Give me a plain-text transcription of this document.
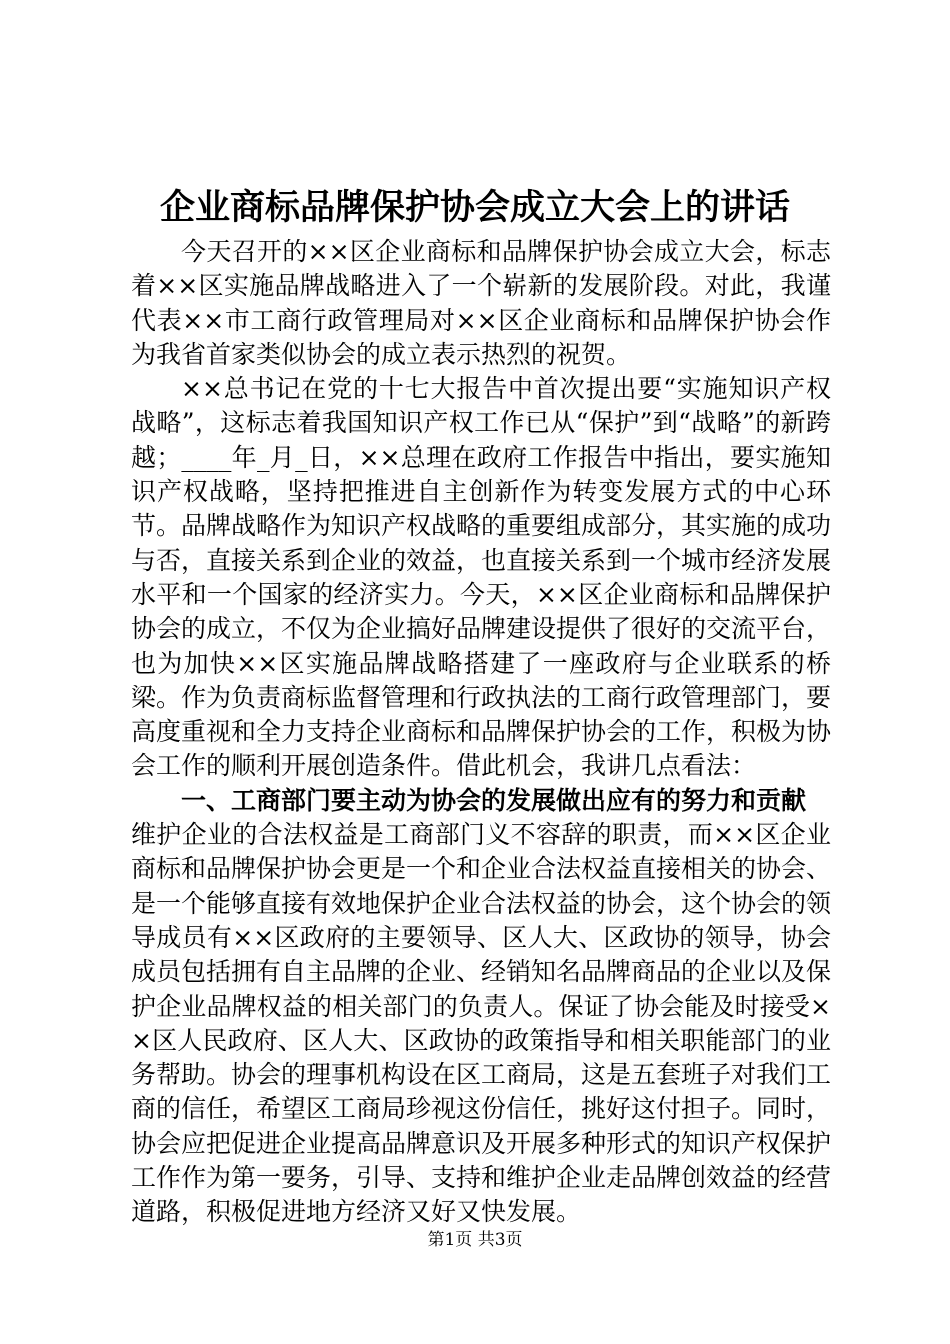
企业商标品牌保护协会成立大会上的讲话

今天召开的××区企业商标和品牌保护协会成立大会，标志着××区实施品牌战略进入了一个崭新的发展阶段。对此，我谨代表××市工商行政管理局对××区企业商标和品牌保护协会作为我省首家类似协会的成立表示热烈的祝贺。

××总书记在党的十七大报告中首次提出要“实施知识产权战略”，这标志着我国知识产权工作已从“保护”到“战略”的新跨越；____年_月_日，××总理在政府工作报告中指出，要实施知识产权战略，坚持把推进自主创新作为转变发展方式的中心环节。品牌战略作为知识产权战略的重要组成部分，其实施的成功与否，直接关系到企业的效益，也直接关系到一个城市经济发展水平和一个国家的经济实力。今天，××区企业商标和品牌保护协会的成立，不仅为企业搞好品牌建设提供了很好的交流平台，也为加快××区实施品牌战略搭建了一座政府与企业联系的桥梁。作为负责商标监督管理和行政执法的工商行政管理部门，要高度重视和全力支持企业商标和品牌保护协会的工作，积极为协会工作的顺利开展创造条件。借此机会，我讲几点看法：

一、工商部门要主动为协会的发展做出应有的努力和贡献

维护企业的合法权益是工商部门义不容辞的职责，而××区企业商标和品牌保护协会更是一个和企业合法权益直接相关的协会、是一个能够直接有效地保护企业合法权益的协会，这个协会的领导成员有××区政府的主要领导、区人大、区政协的领导，协会成员包括拥有自主品牌的企业、经销知名品牌商品的企业以及保护企业品牌权益的相关部门的负责人。保证了协会能及时接受××区人民政府、区人大、区政协的政策指导和相关职能部门的业务帮助。协会的理事机构设在区工商局，这是五套班子对我们工商的信任，希望区工商局珍视这份信任，挑好这付担子。同时，协会应把促进企业提高品牌意识及开展多种形式的知识产权保护工作作为第一要务，引导、支持和维护企业走品牌创效益的经营道路，积极促进地方经济又好又快发展。

第1页 共3页
